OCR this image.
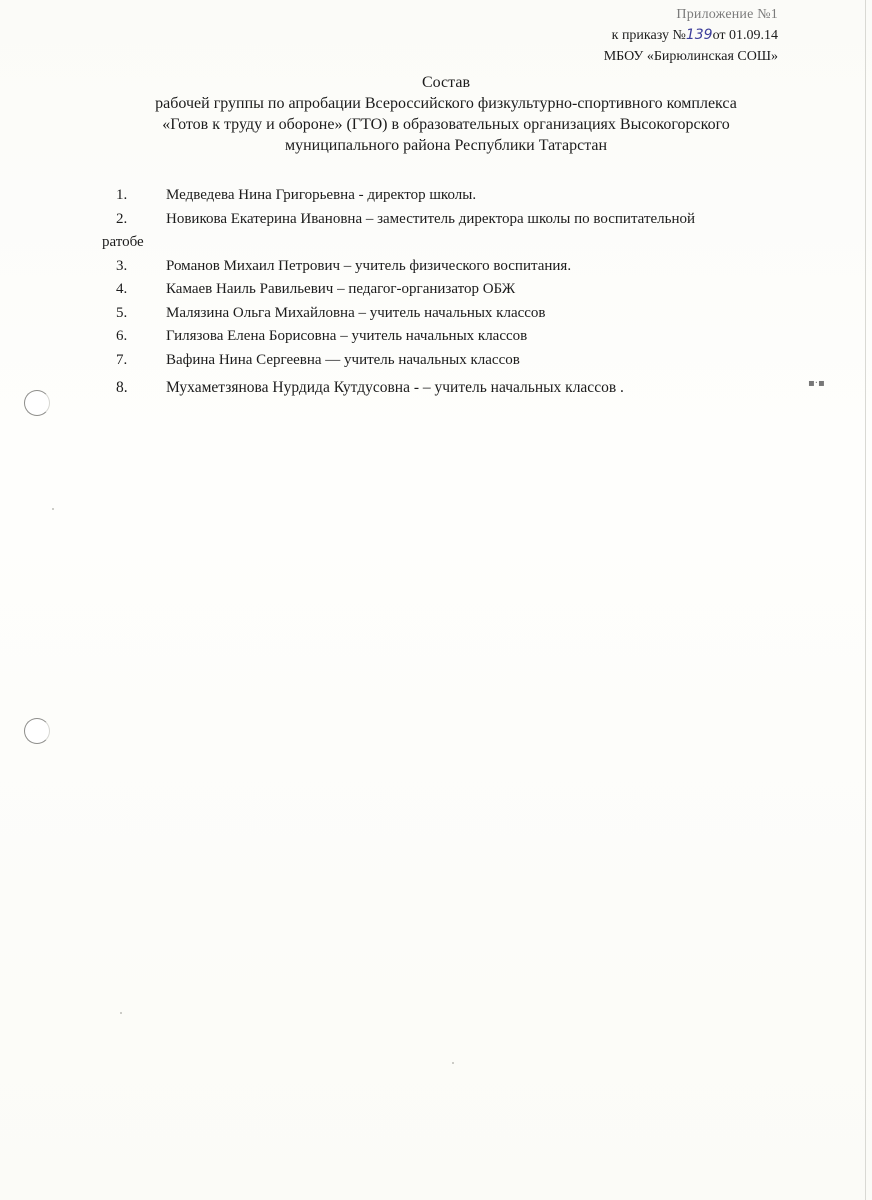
Приложение №1
к приказу №139от 01.09.14
МБОУ «Бирюлинская СОШ»
Состав
рабочей группы по апробации Всероссийского физкультурно-спортивного комплекса
«Готов к труду и обороне» (ГТО) в образовательных организациях Высокогорского
муниципального района Республики Татарстан
1.	Медведева Нина Григорьевна - директор школы.
2.	Новикова Екатерина Ивановна – заместитель директора школы по воспитательной
ратобе
3.	Романов Михаил Петрович – учитель физического воспитания.
4.	Камаев Наиль Равильевич – педагог-организатор ОБЖ
5.	Малязина Ольга Михайловна – учитель начальных классов
6.	Гилязова Елена Борисовна – учитель начальных классов
7.	Вафина Нина Сергеевна — учитель начальных классов
8. Мухаметзянова Нурдида Кутдусовна - – учитель начальных классов .	▪·▪
